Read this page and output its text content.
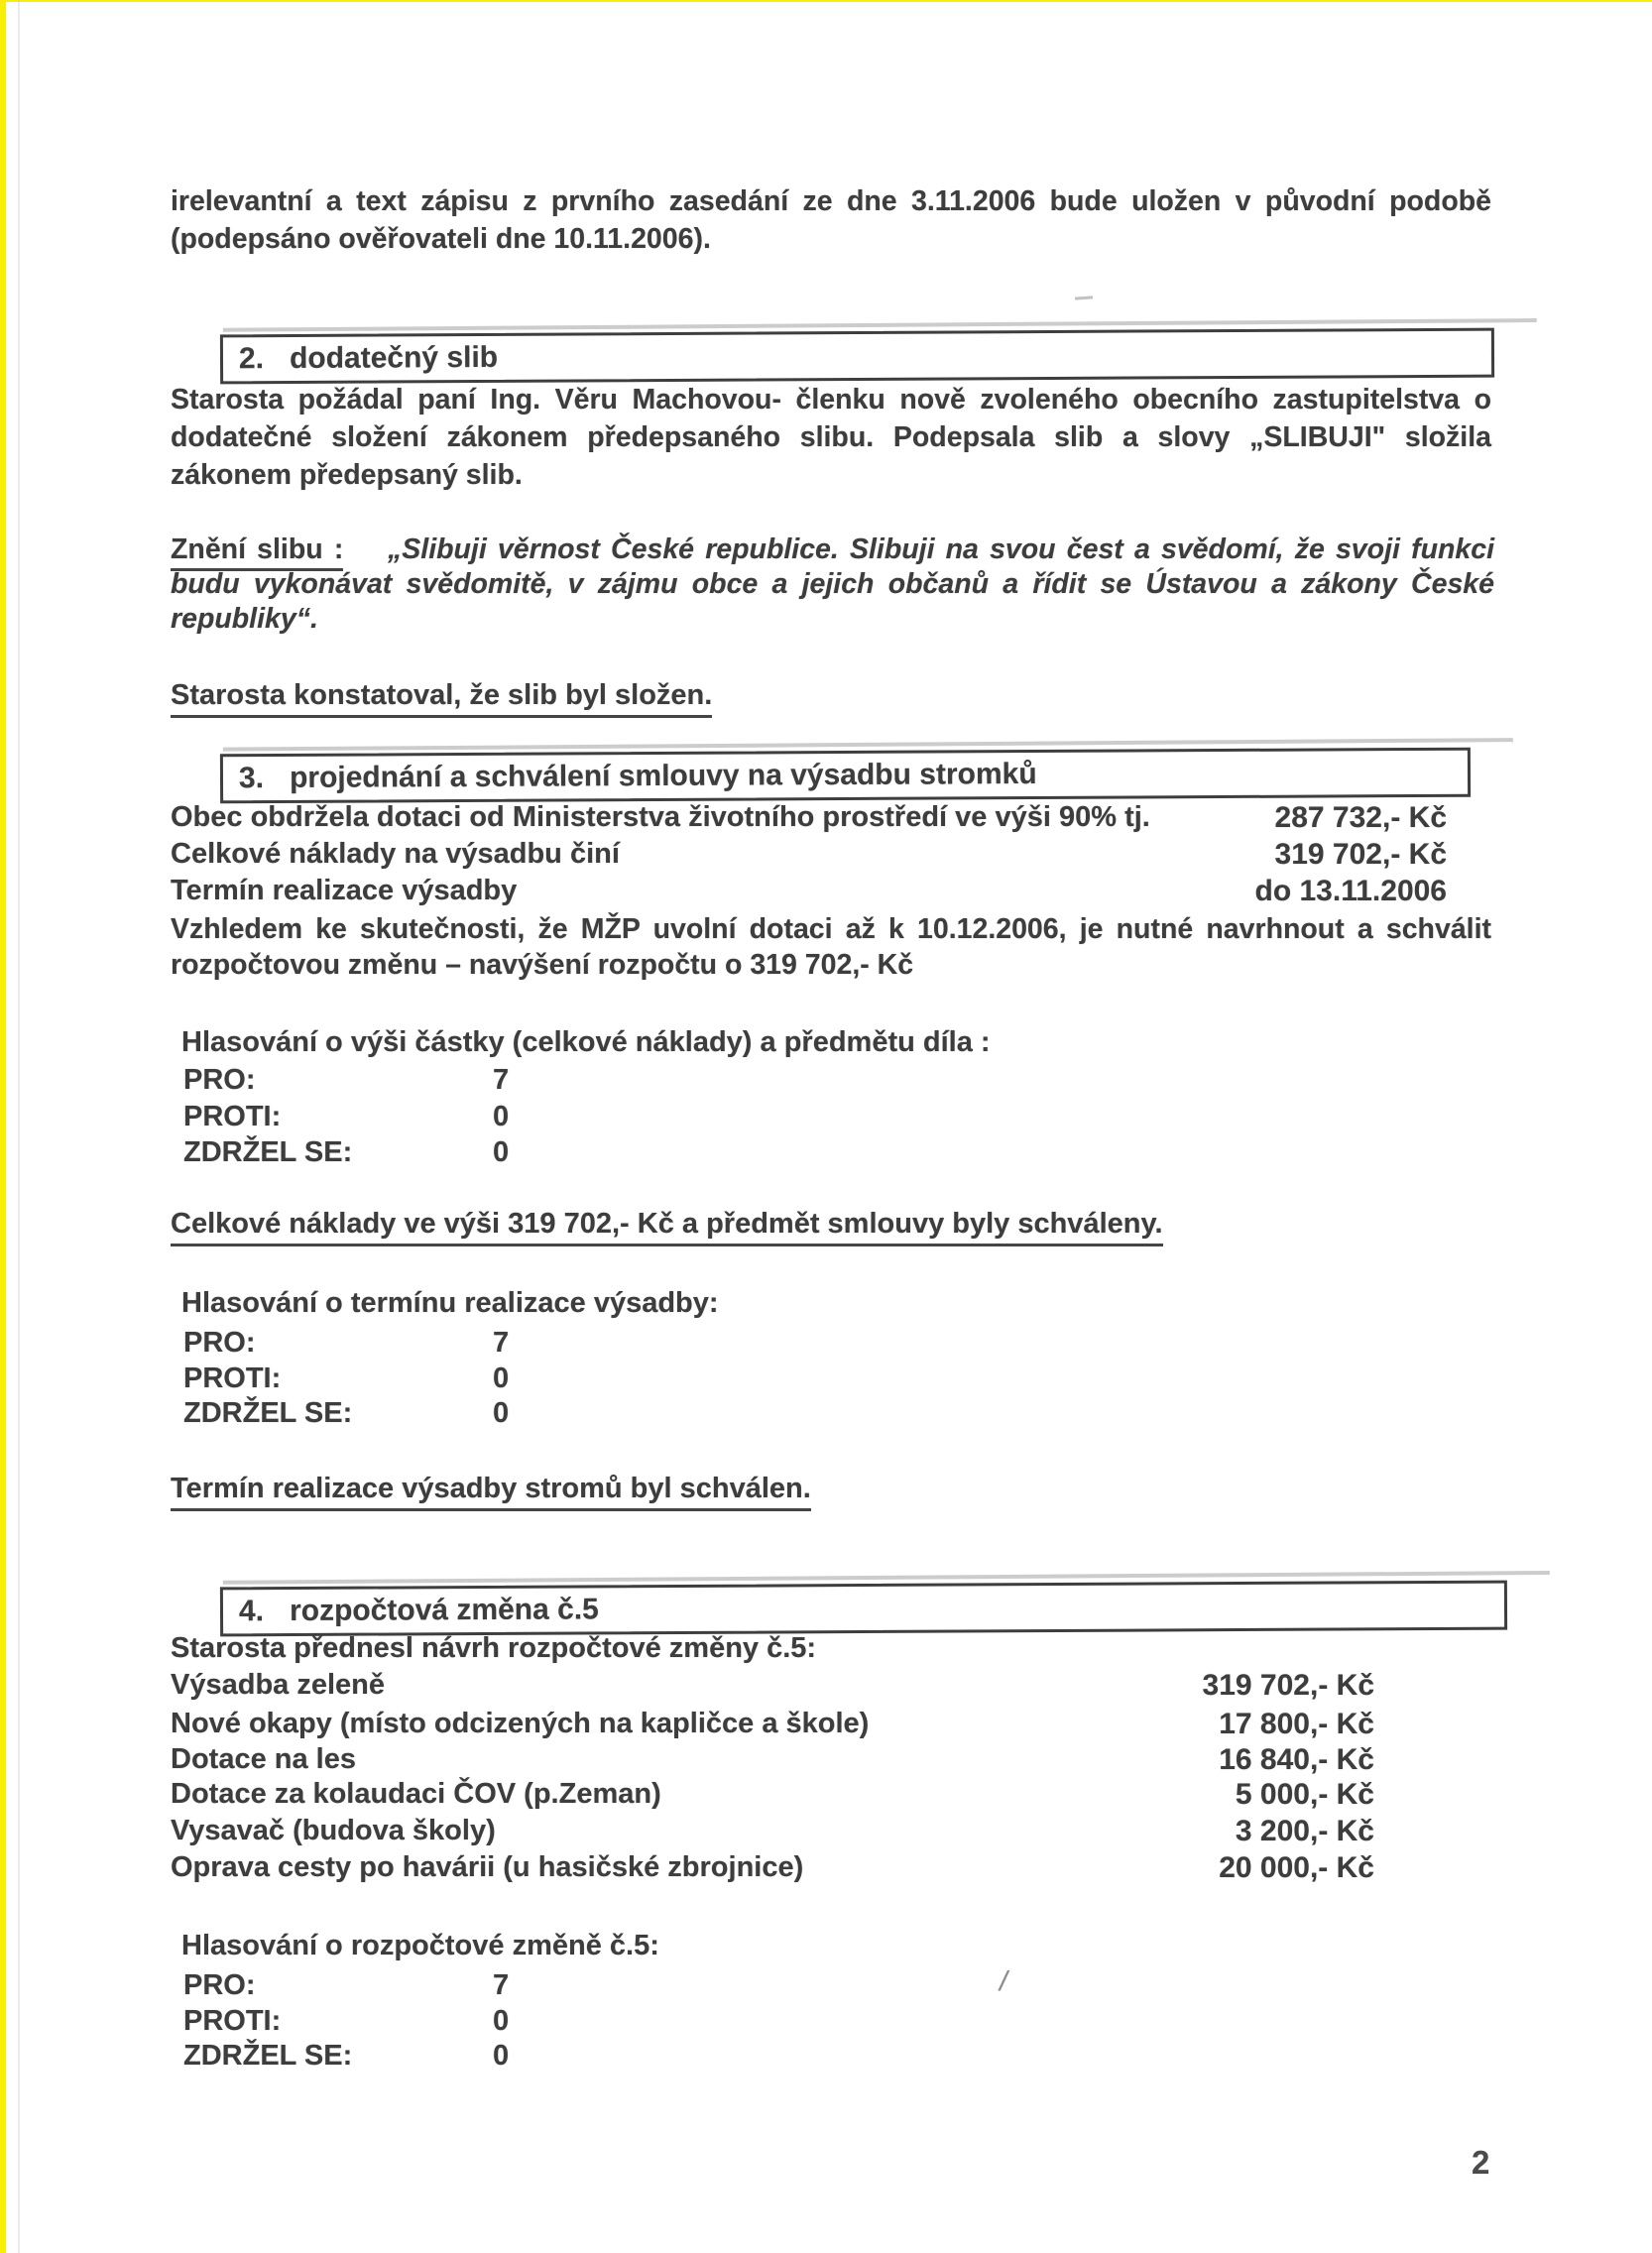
irelevantní a text zápisu z prvního zasedání ze dne 3.11.2006 bude uložen v původní podobě (podepsáno ověřovateli dne 10.11.2006).
2. dodatečný slib
Starosta požádal paní Ing. Věru Machovou- členku nově zvoleného obecního zastupitelstva o dodatečné složení zákonem předepsaného slibu. Podepsala slib a slovy „SLIBUJI" složila zákonem předepsaný slib.
Znění slibu : „Slibuji věrnost České republice. Slibuji na svou čest a svědomí, že svoji funkci budu vykonávat svědomitě, v zájmu obce a jejich občanů a řídit se Ústavou a zákony České republiky“.
Starosta konstatoval, že slib byl složen.
3. projednání a schválení smlouvy na výsadbu stromků
Obec obdržela dotaci od Ministerstva životního prostředí ve výši 90% tj.	287 732,- Kč
Celkové náklady na výsadbu činí	319 702,- Kč
Termín realizace výsadby	do 13.11.2006
Vzhledem ke skutečnosti, že MŽP uvolní dotaci až k 10.12.2006, je nutné navrhnout a schválit rozpočtovou změnu – navýšení rozpočtu o 319 702,- Kč
Hlasování o výši částky (celkové náklady) a předmětu díla :
PRO:	7
PROTI:	0
ZDRŽEL SE:	0
Celkové náklady ve výši 319 702,- Kč a předmět smlouvy byly schváleny.
Hlasování o termínu realizace výsadby:
PRO:	7
PROTI:	0
ZDRŽEL SE:	0
Termín realizace výsadby stromů byl schválen.
4. rozpočtová změna č.5
Starosta přednesl návrh rozpočtové změny č.5:
Výsadba zeleně	319 702,- Kč
Nové okapy (místo odcizených na kapličce a škole)	17 800,- Kč
Dotace na les	16 840,- Kč
Dotace za kolaudaci ČOV (p.Zeman)	5 000,- Kč
Vysavač (budova školy)	3 200,- Kč
Oprava cesty po havárii (u hasičské zbrojnice)	20 000,- Kč
Hlasování o rozpočtové změně č.5:
PRO:	7	/
PROTI:	0
ZDRŽEL SE:	0
2
